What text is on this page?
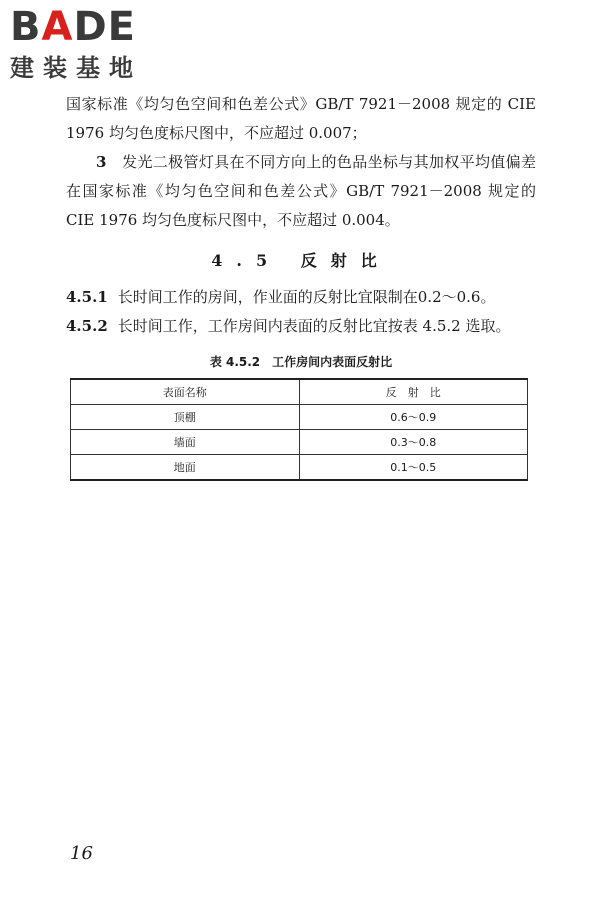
BADE
建装基地

国家标准《均匀色空间和色差公式》GB/T 7921－2008 规定的 CIE 1976 均匀色度标尺图中，不应超过 0.007；

3　 发光二极管灯具在不同方向上的色品坐标与其加权平均值偏差在国家标准《均匀色空间和色差公式》GB/T 7921－2008 规定的 CIE 1976 均匀色度标尺图中，不应超过 0.004。

4.5 反射比

4.5.1 长时间工作的房间，作业面的反射比宜限制在0.2～0.6。

4.5.2 长时间工作，工作房间内表面的反射比宜按表 4.5.2 选取。

表 4.5.2　工作房间内表面反射比
表面名称	反　射　比
顶棚	0.6～0.9
墙面	0.3～0.8
地面	0.1～0.5
16
